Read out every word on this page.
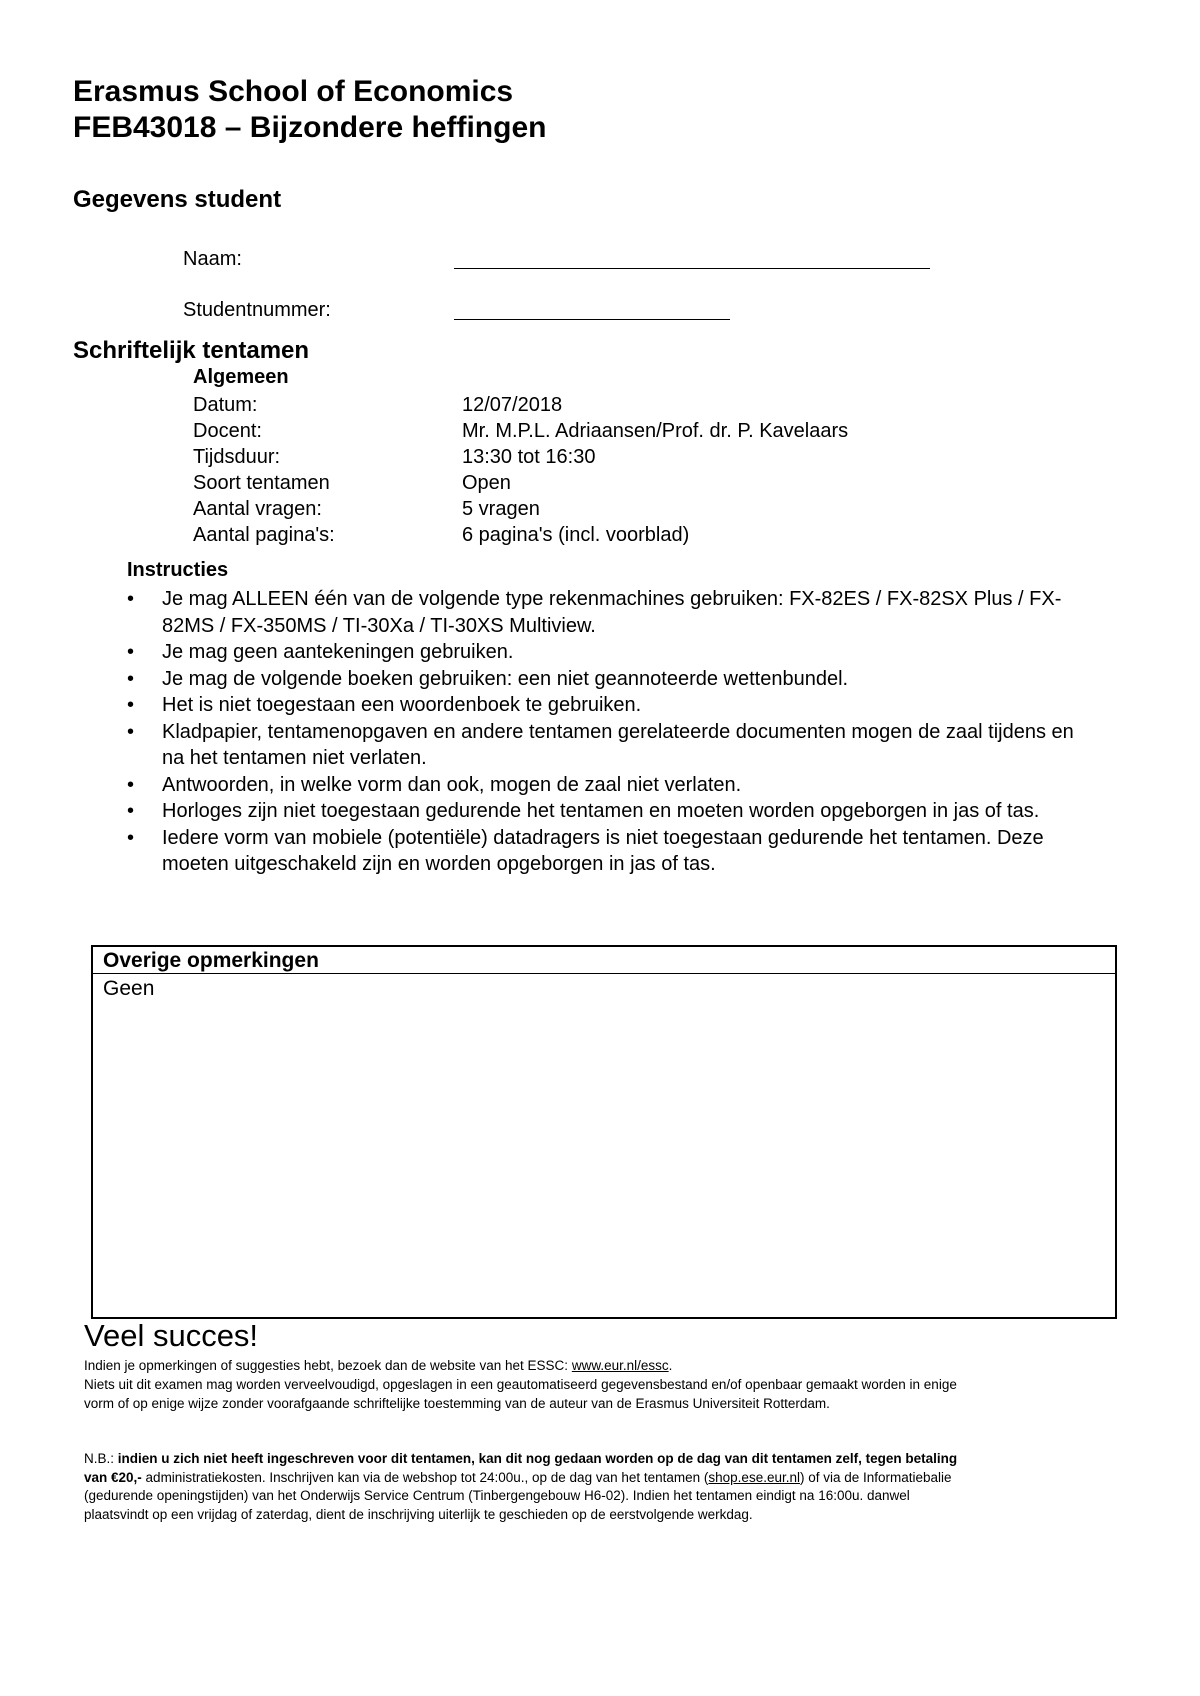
Erasmus School of Economics
FEB43018 – Bijzondere heffingen
Gegevens student
Naam:
Studentnummer:
Schriftelijk tentamen
Algemeen
Datum:	12/07/2018
Docent:	Mr. M.P.L. Adriaansen/Prof. dr. P. Kavelaars
Tijdsduur:	13:30 tot 16:30
Soort tentamen	Open
Aantal vragen:	5 vragen
Aantal pagina's:	6 pagina's (incl. voorblad)
Instructies
• Je mag ALLEEN één van de volgende type rekenmachines gebruiken: FX-82ES / FX-82SX Plus / FX-82MS / FX-350MS / TI-30Xa / TI-30XS Multiview.
• Je mag geen aantekeningen gebruiken.
• Je mag de volgende boeken gebruiken: een niet geannoteerde wettenbundel.
• Het is niet toegestaan een woordenboek te gebruiken.
• Kladpapier, tentamenopgaven en andere tentamen gerelateerde documenten mogen de zaal tijdens en na het tentamen niet verlaten.
• Antwoorden, in welke vorm dan ook, mogen de zaal niet verlaten.
• Horloges zijn niet toegestaan gedurende het tentamen en moeten worden opgeborgen in jas of tas.
• Iedere vorm van mobiele (potentiële) datadragers is niet toegestaan gedurende het tentamen. Deze moeten uitgeschakeld zijn en worden opgeborgen in jas of tas.
Overige opmerkingen
Geen
Veel succes!
Indien je opmerkingen of suggesties hebt, bezoek dan de website van het ESSC: www.eur.nl/essc.
Niets uit dit examen mag worden verveelvoudigd, opgeslagen in een geautomatiseerd gegevensbestand en/of openbaar gemaakt worden in enige vorm of op enige wijze zonder voorafgaande schriftelijke toestemming van de auteur van de Erasmus Universiteit Rotterdam.
N.B.: indien u zich niet heeft ingeschreven voor dit tentamen, kan dit nog gedaan worden op de dag van dit tentamen zelf, tegen betaling van €20,- administratiekosten. Inschrijven kan via de webshop tot 24:00u., op de dag van het tentamen (shop.ese.eur.nl) of via de Informatiebalie (gedurende openingstijden) van het Onderwijs Service Centrum (Tinbergengebouw H6-02). Indien het tentamen eindigt na 16:00u. danwel plaatsvindt op een vrijdag of zaterdag, dient de inschrijving uiterlijk te geschieden op de eerstvolgende werkdag.
